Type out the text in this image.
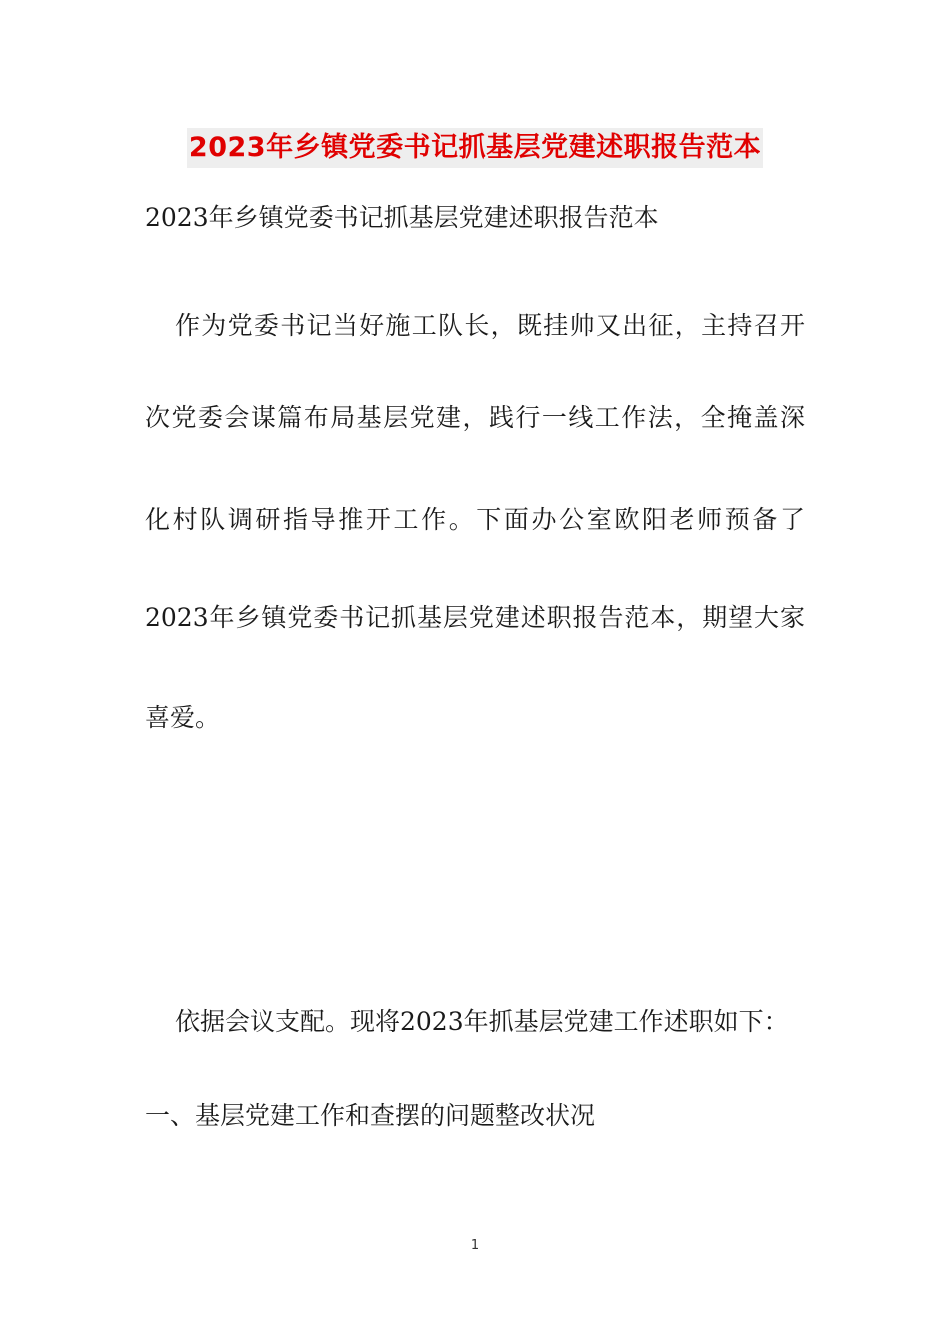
2023年乡镇党委书记抓基层党建述职报告范本
2023年乡镇党委书记抓基层党建述职报告范本
作为党委书记当好施工队长，既挂帅又出征，主持召开
次党委会谋篇布局基层党建，践行一线工作法，全掩盖深
化村队调研指导推开工作。下面办公室欧阳老师预备了
2023年乡镇党委书记抓基层党建述职报告范本，期望大家
喜爱。
依据会议支配。现将2023年抓基层党建工作述职如下：
一、基层党建工作和查摆的问题整改状况
1
